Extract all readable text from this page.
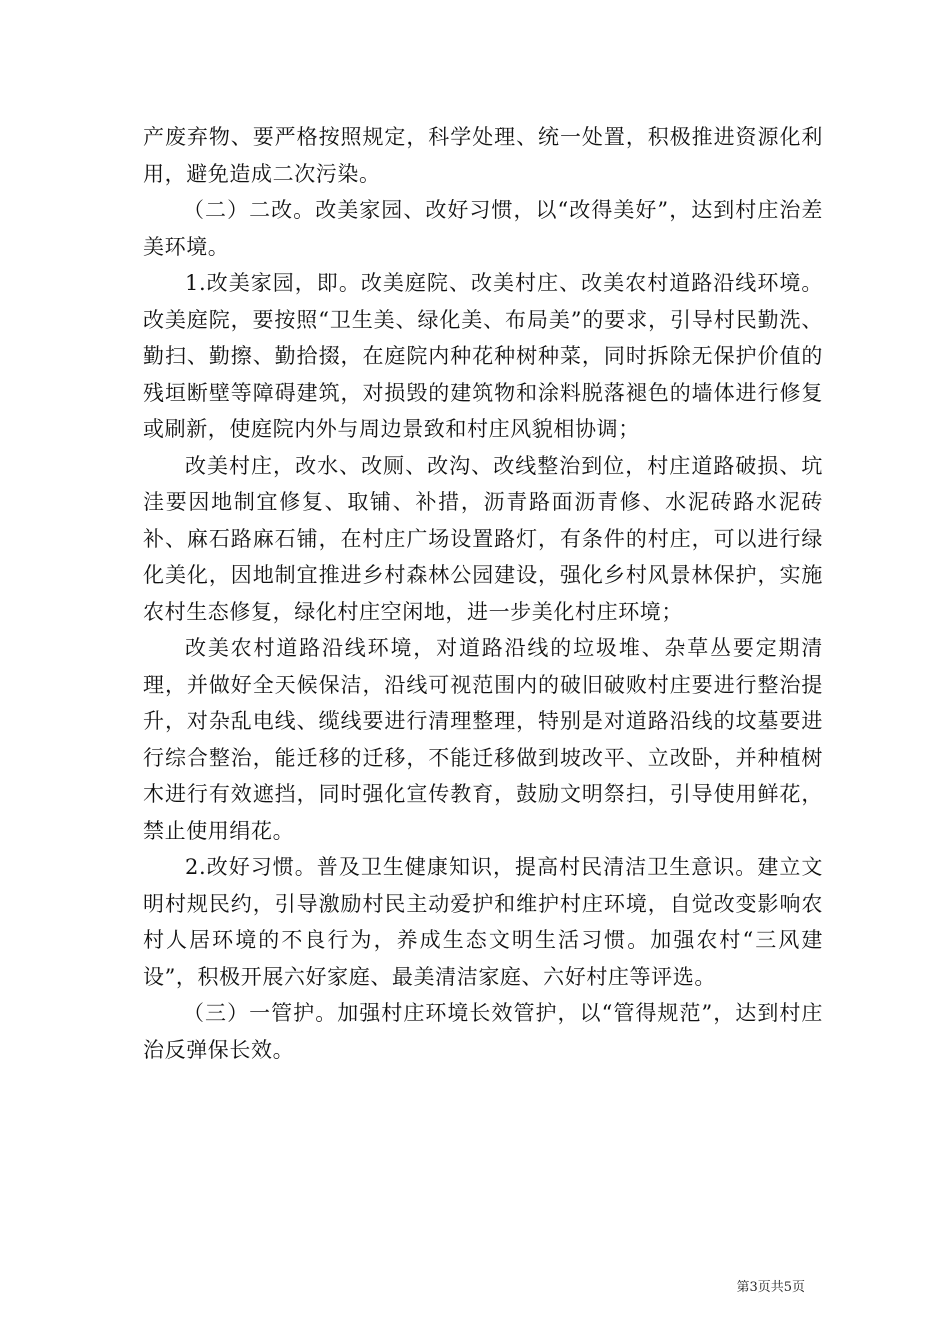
产废弃物、要严格按照规定，科学处理、统一处置，积极推进资源化利用，避免造成二次污染。

（二）二改。改美家园、改好习惯，以“改得美好”，达到村庄治差美环境。

1.改美家园，即。改美庭院、改美村庄、改美农村道路沿线环境。改美庭院，要按照“卫生美、绿化美、布局美”的要求，引导村民勤洗、勤扫、勤擦、勤拾掇，在庭院内种花种树种菜，同时拆除无保护价值的残垣断壁等障碍建筑，对损毁的建筑物和涂料脱落褪色的墙体进行修复或刷新，使庭院内外与周边景致和村庄风貌相协调；

改美村庄，改水、改厕、改沟、改线整治到位，村庄道路破损、坑洼要因地制宜修复、取铺、补措，沥青路面沥青修、水泥砖路水泥砖补、麻石路麻石铺，在村庄广场设置路灯，有条件的村庄，可以进行绿化美化，因地制宜推进乡村森林公园建设，强化乡村风景林保护，实施农村生态修复，绿化村庄空闲地，进一步美化村庄环境；

改美农村道路沿线环境，对道路沿线的垃圾堆、杂草丛要定期清理，并做好全天候保洁，沿线可视范围内的破旧破败村庄要进行整治提升，对杂乱电线、缆线要进行清理整理，特别是对道路沿线的坟墓要进行综合整治，能迁移的迁移，不能迁移做到坡改平、立改卧，并种植树木进行有效遮挡，同时强化宣传教育，鼓励文明祭扫，引导使用鲜花，禁止使用绢花。

2.改好习惯。普及卫生健康知识，提高村民清洁卫生意识。建立文明村规民约，引导激励村民主动爱护和维护村庄环境，自觉改变影响农村人居环境的不良行为，养成生态文明生活习惯。加强农村“三风建设”，积极开展六好家庭、最美清洁家庭、六好村庄等评选。

（三）一管护。加强村庄环境长效管护，以“管得规范”，达到村庄治反弹保长效。

第3页共5页
